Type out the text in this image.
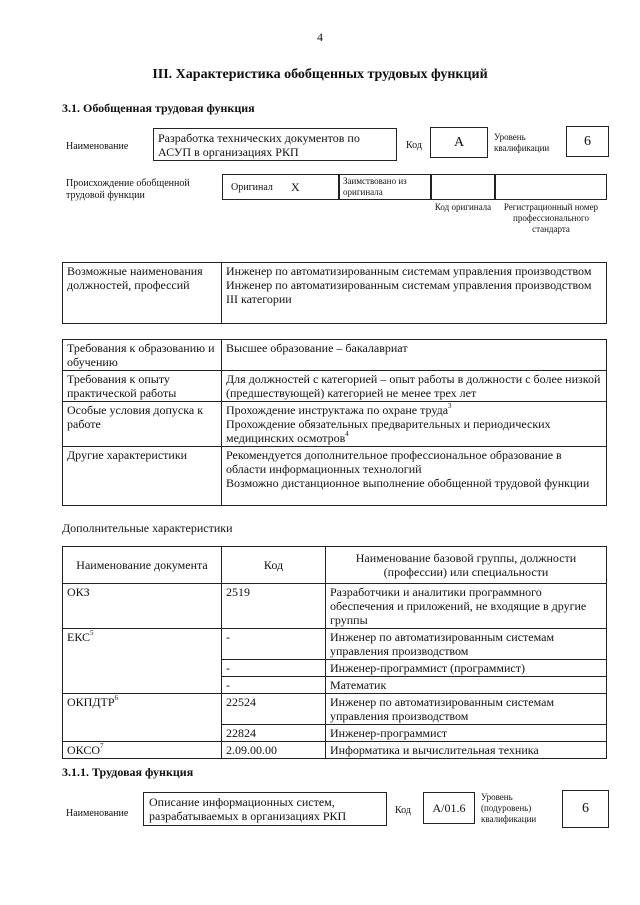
4
III. Характеристика обобщенных трудовых функций
3.1. Обобщенная трудовая функция
Наименование
Разработка технических документов по АСУП в организациях РКП	Код A	Уровень квалификации	6
Происхождение обобщенной трудовой функции
Оригинал X	Заимствовано из оригинала
Код оригинала	Регистрационный номер профессионального стандарта
Возможные наименования должностей, профессий	
Инженер по автоматизированным системам управления производством
Инженер по автоматизированным системам управления производством III категории
Требования к образованию и обучению	Высшее образование – бакалавриат
Требования к опыту практической работы	Для должностей с категорией – опыт работы в должности с более низкой (предшествующей) категорией не менее трех лет
Особые условия допуска к работе	Прохождение инструктажа по охране труда$^3$
Прохождение обязательных предварительных и периодических медицинских осмотров$^4$

Другие характеристики	Рекомендуется дополнительное профессиональное образование в области информационных технологий
Возможно дистанционное выполнение обобщенной трудовой функции
Дополнительные характеристики
Наименование документа	Код	Наименование базовой группы, должности (профессии) или специальности
ОКЗ	2519	Разработчики и аналитики программного обеспечения и приложений, не входящие в другие группы
ЕКС$^5$	-	Инженер по автоматизированным системам управления производством
	-	Инженер-программист (программист)
	-	Математик
ОКПДТР$^6$	22524	Инженер по автоматизированным системам управления производством
	22824	Инженер-программист
ОКСО$^7$	2.09.00.00	Информатика и вычислительная техника
3.1.1. Трудовая функция
Наименование
Описание информационных систем, разрабатываемых в организациях РКП	Код A/01.6
Уровень (подуровень) квалификации
6
